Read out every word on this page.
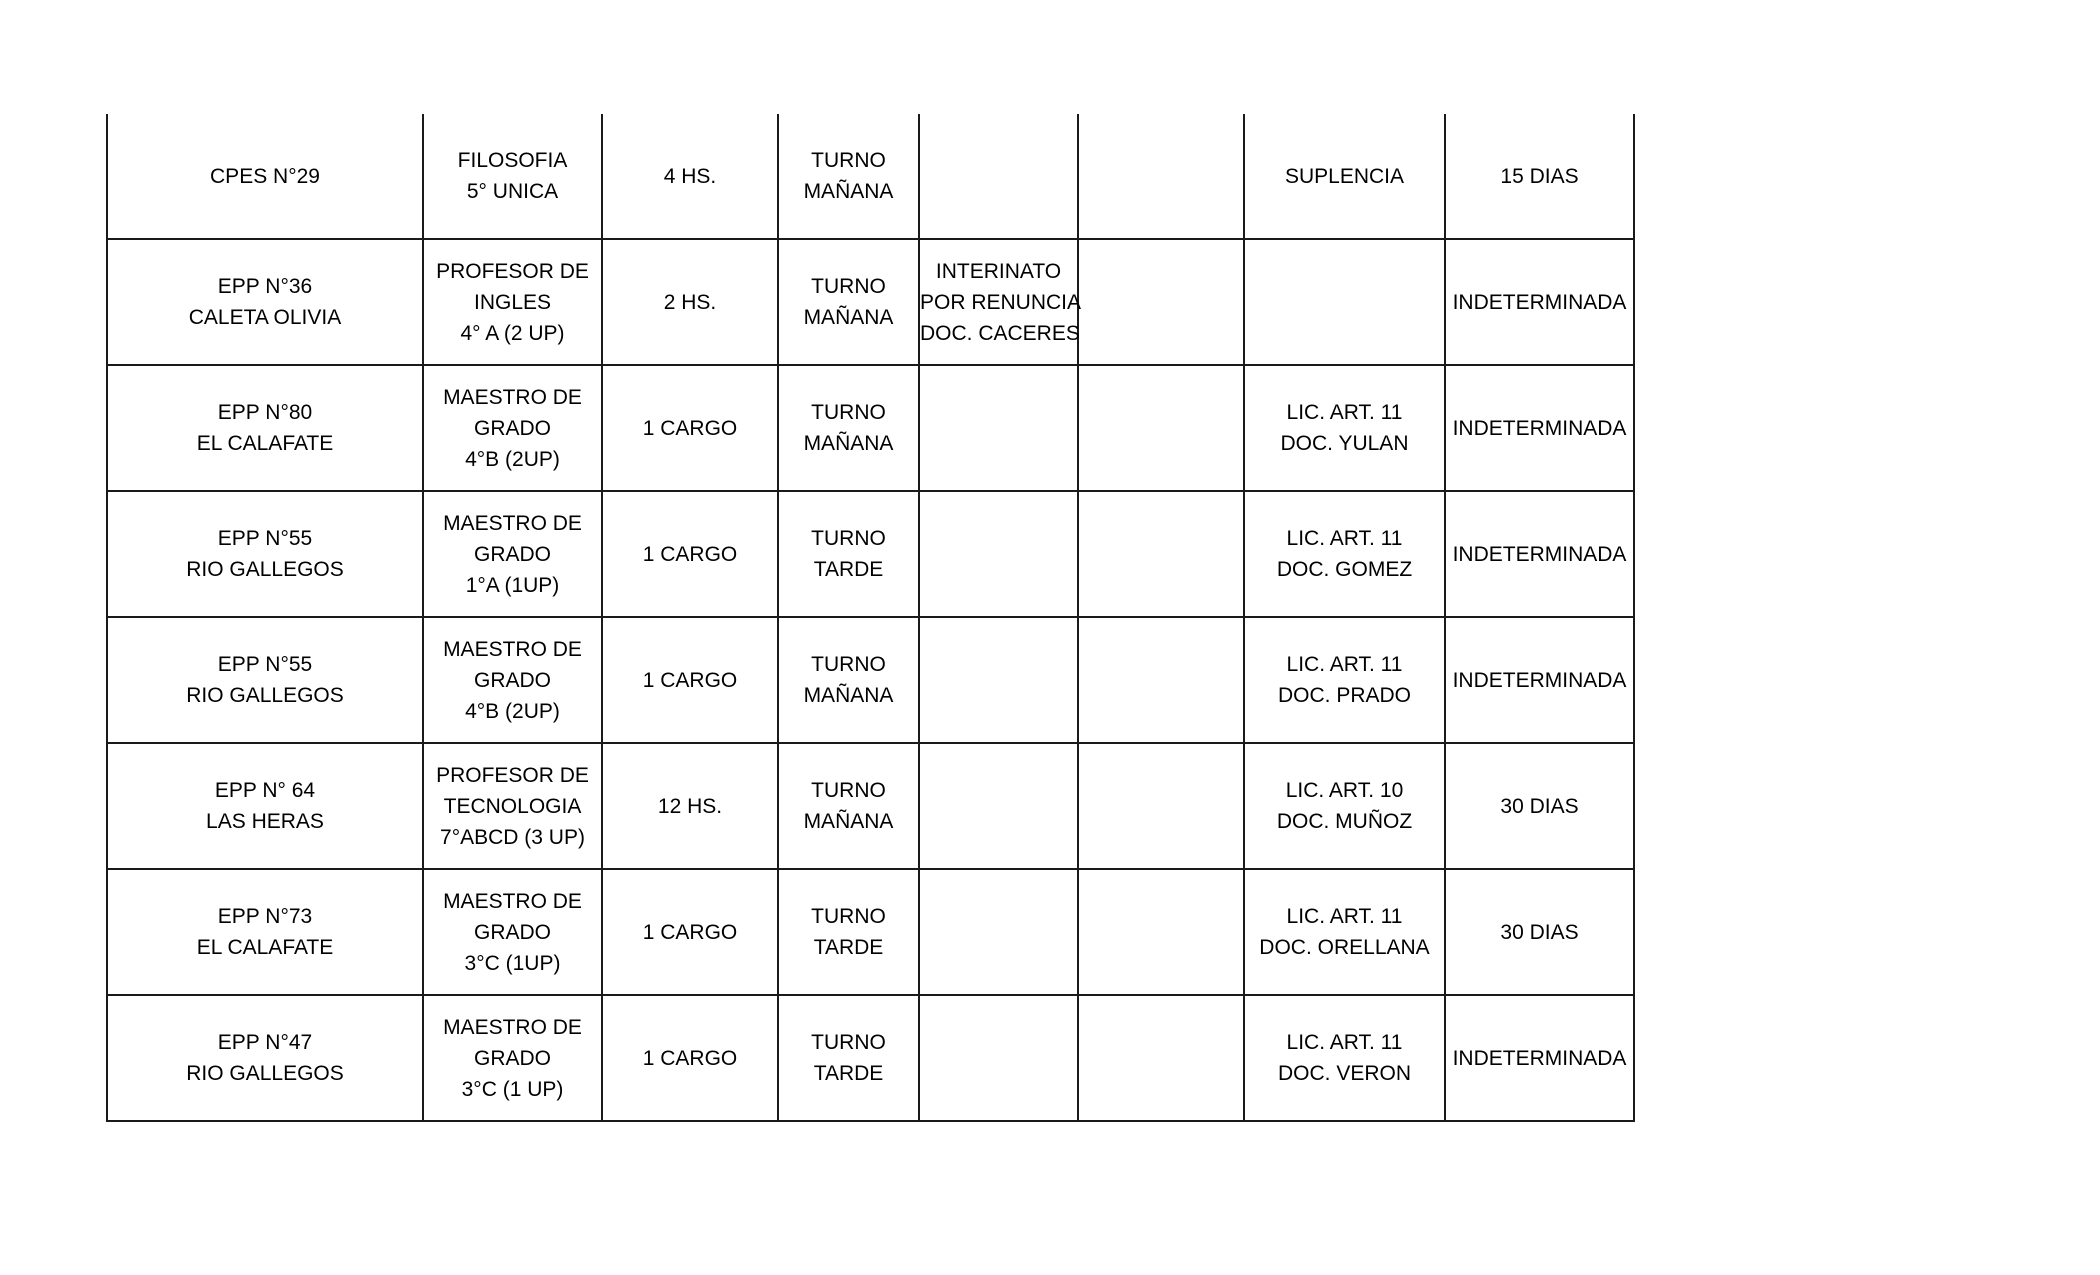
CPES N°29	FILOSOFIA
5° UNICA	4 HS.	TURNO
MAÑANA			SUPLENCIA	15 DIAS

EPP N°36
CALETA OLIVIA	PROFESOR DE
INGLES
4° A (2 UP)	2 HS.	TURNO
MAÑANA	INTERINATO
POR RENUNCIA
DOC. CACERES			INDETERMINADA

EPP N°80
EL CALAFATE	MAESTRO DE
GRADO
4°B (2UP)	1 CARGO	TURNO
MAÑANA			LIC. ART. 11
DOC. YULAN	INDETERMINADA

EPP N°55
RIO GALLEGOS	MAESTRO DE
GRADO
1°A (1UP)	1 CARGO	TURNO
TARDE			LIC. ART. 11
DOC. GOMEZ	INDETERMINADA

EPP N°55
RIO GALLEGOS	MAESTRO DE
GRADO
4°B (2UP)	1 CARGO	TURNO
MAÑANA			LIC. ART. 11
DOC. PRADO	INDETERMINADA

EPP N° 64
LAS HERAS	PROFESOR DE
TECNOLOGIA
7°ABCD (3 UP)	12 HS.	TURNO
MAÑANA			LIC. ART. 10
DOC. MUÑOZ	30 DIAS

EPP N°73
EL CALAFATE	MAESTRO DE
GRADO
3°C (1UP)	1 CARGO	TURNO
TARDE			LIC. ART. 11
DOC. ORELLANA	30 DIAS

EPP N°47
RIO GALLEGOS	MAESTRO DE
GRADO
3°C (1 UP)	1 CARGO	TURNO
TARDE			LIC. ART. 11
DOC. VERON	INDETERMINADA
